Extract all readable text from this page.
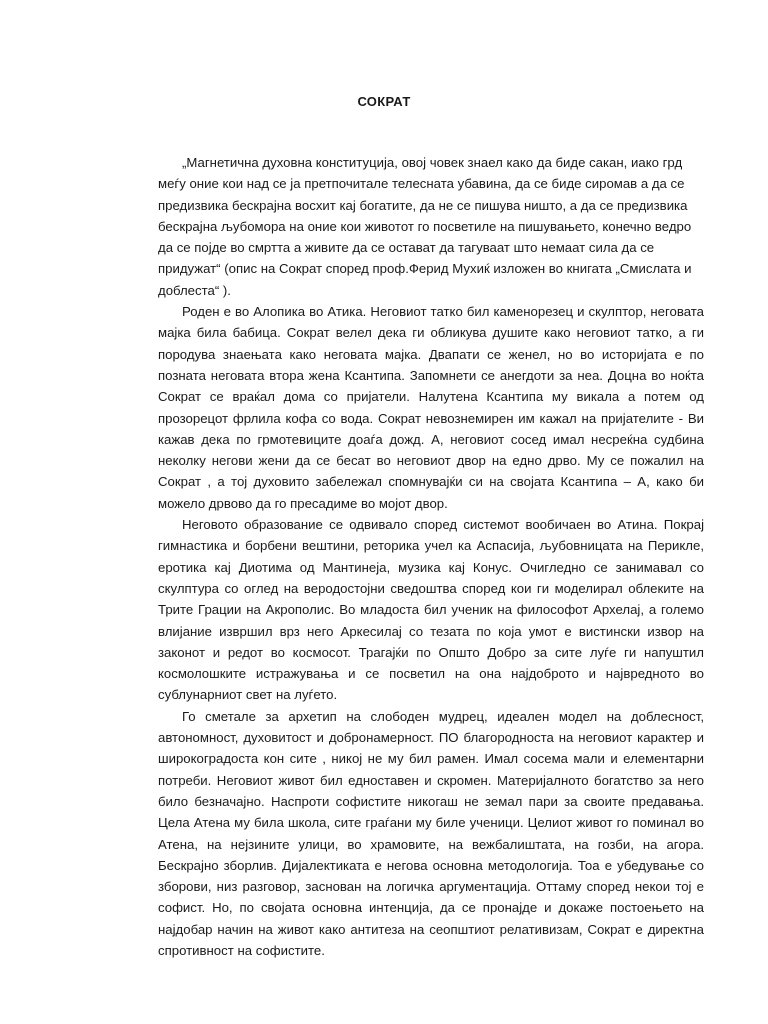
СОКРАТ

„Магнетична духовна конституција, овој човек знаел како да биде сакан, иако грд меѓу оние кои над се ја претпочитале телесната убавина, да се биде сиромав а да се предизвика бескрајна восхит кај богатите, да не се пишува ништо, а да се предизвика бескрајна љубомора на оние кои животот го посветиле на пишувањето, конечно ведро да се појде во смртта а живите да се остават да тагуваат што немаат сила да се придужат“ (опис на Сократ според проф.Ферид Мухиќ изложен во книгата „Смислата и доблеста“ ).

Роден е во Алопика во Атика. Неговиот татко бил каменорезец и скулптор, неговата мајка била бабица. Сократ велел дека ги обликува душите како неговиот татко, а ги породува знаењата како неговата мајка. Двапати се женел, но во историјата е по позната неговата втора жена Ксантипа. Запомнети се анегдоти за неа. Доцна во ноќта Сократ се враќал дома со пријатели. Налутена Ксантипа му викала а потем од прозорецот фрлила кофа со вода. Сократ невознемирен им кажал на пријателите - Ви кажав дека по грмотевиците доаѓа дожд. А, неговиот сосед имал несреќна судбина неколку негови жени да се бесат во неговиот двор на едно дрво. Му се пожалил на Сократ , а тој духовито забележал спомнувајќи си на својата Ксантипа – А, како би можело дрвово да го пресадиме во мојот двор.

Неговото образование се одвивало според системот вообичаен во Атина. Покрај гимнастика и борбени вештини, реторика учел ка Аспасија, љубовницата на Перикле, еротика кај Диотима од Мантинеја, музика кај Конус. Очигледно се занимавал со скулптура со оглед на веродостојни сведоштва според кои ги моделирал облеките на Трите Грации на Акрополис. Во младоста бил ученик на философот Архелај, а големо влијание извршил врз него Аркесилај со тезата по која умот е вистински извор на законот и редот во космосот. Трагајќи по Општо Добро за сите луѓе ги напуштил космолошките истражувања и се посветил на она најдоброто и највредното во сублунарниот свет на луѓето.

Го сметале за архетип на слободен мудрец, идеален модел на доблесност, автономност, духовитост и добронамерност. ПО благородноста на неговиот карактер и широкоградоста кон сите , никој не му бил рамен. Имал сосема мали и елементарни потреби. Неговиот живот бил едноставен и скромен. Материјалното богатство за него било безначајно. Наспроти софистите никогаш не земал пари за своите предавања. Цела Атена му била школа, сите граѓани му биле ученици. Целиот живот го поминал во Атена, на нејзините улици, во храмовите, на вежбалиштата, на гозби, на агора. Бескрајно зборлив. Дијалектиката е негова основна методологија. Тоа е убедување со зборови, низ разговор, заснован на логичка аргументација. Оттаму според некои тој е софист. Но, по својата основна интенција, да се пронајде и докаже постоењето на најдобар начин на живот како антитеза на сеопштиот релативизам, Сократ е директна спротивност на софистите.
